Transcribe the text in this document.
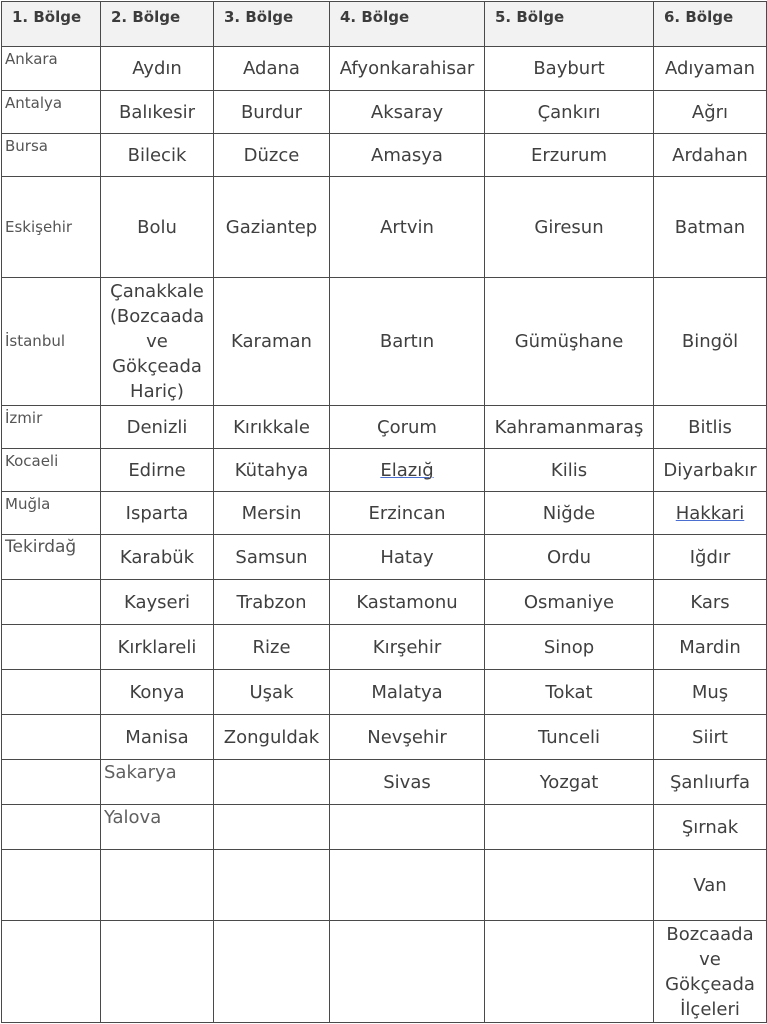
1. Bölge	2. Bölge	3. Bölge	4. Bölge	5. Bölge	6. Bölge
Ankara	Aydın	Adana	Afyonkarahisar	Bayburt	Adıyaman
Antalya	Balıkesir	Burdur	Aksaray	Çankırı	Ağrı
Bursa	Bilecik	Düzce	Amasya	Erzurum	Ardahan
Eskişehir	Bolu	Gaziantep	Artvin	Giresun	Batman
İstanbul	Çanakkale (Bozcaada ve Gökçeada Hariç)	Karaman	Bartın	Gümüşhane	Bingöl
İzmir	Denizli	Kırıkkale	Çorum	Kahramanmaraş	Bitlis
Kocaeli	Edirne	Kütahya	Elazığ	Kilis	Diyarbakır
Muğla	Isparta	Mersin	Erzincan	Niğde	Hakkari
Tekirdağ	Karabük	Samsun	Hatay	Ordu	Iğdır
	Kayseri	Trabzon	Kastamonu	Osmaniye	Kars
	Kırklareli	Rize	Kırşehir	Sinop	Mardin
	Konya	Uşak	Malatya	Tokat	Muş
	Manisa	Zonguldak	Nevşehir	Tunceli	Siirt
	Sakarya		Sivas	Yozgat	Şanlıurfa
	Yalova				Şırnak
					Van
					Bozcaada ve Gökçeada İlçeleri
